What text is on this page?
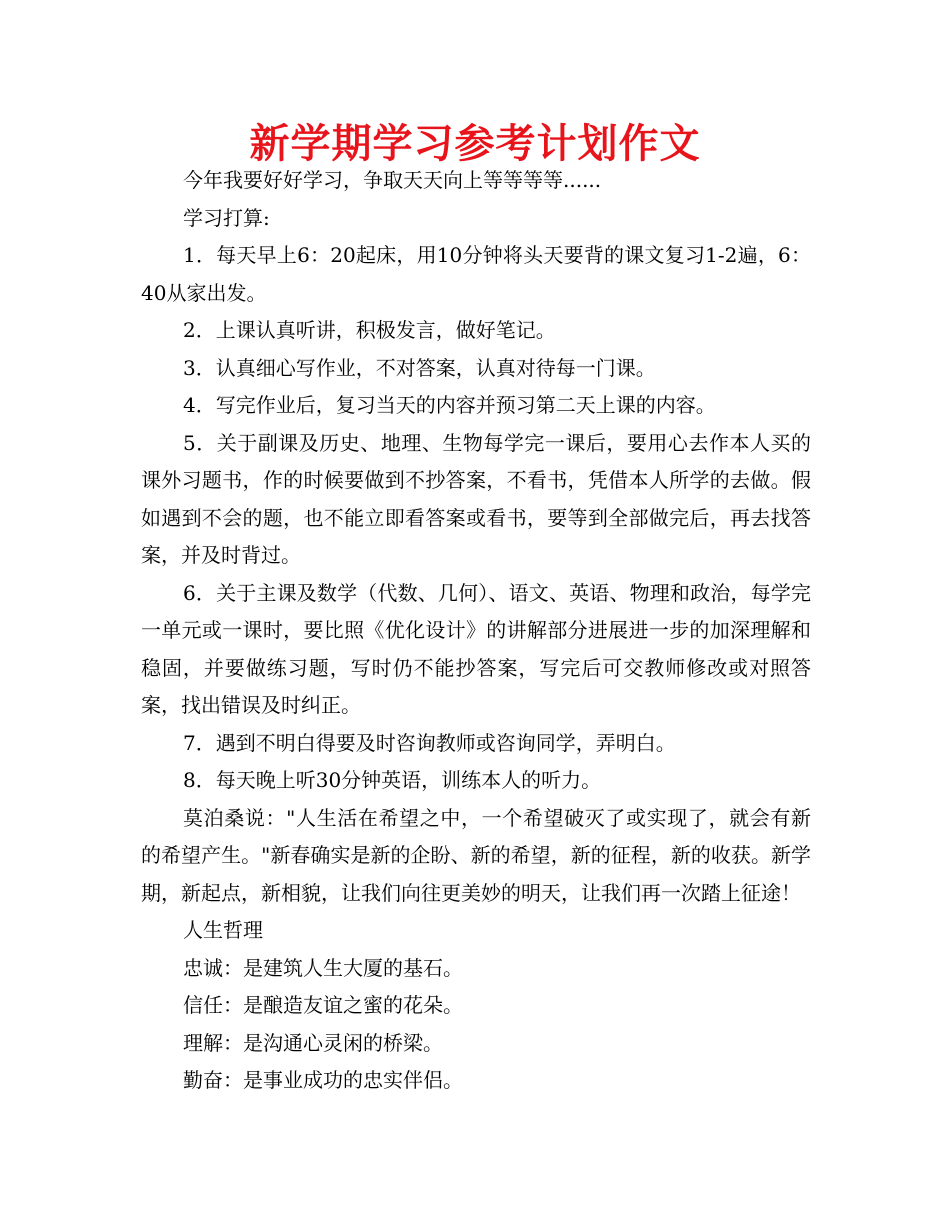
新学期学习参考计划作文

今年我要好好学习，争取天天向上等等等等......

学习打算:

1．每天早上6：20起床，用10分钟将头天要背的课文复习1-2遍，6：40从家出发。

2．上课认真听讲，积极发言，做好笔记。

3．认真细心写作业，不对答案，认真对待每一门课。

4．写完作业后，复习当天的内容并预习第二天上课的内容。

5．关于副课及历史、地理、生物每学完一课后，要用心去作本人买的课外习题书，作的时候要做到不抄答案，不看书，凭借本人所学的去做。假如遇到不会的题，也不能立即看答案或看书，要等到全部做完后，再去找答案，并及时背过。

6．关于主课及数学（代数、几何）、语文、英语、物理和政治，每学完一单元或一课时，要比照《优化设计》的讲解部分进展进一步的加深理解和稳固，并要做练习题，写时仍不能抄答案，写完后可交教师修改或对照答案，找出错误及时纠正。

7．遇到不明白得要及时咨询教师或咨询同学，弄明白。

8．每天晚上听30分钟英语，训练本人的听力。

莫泊桑说："人生活在希望之中，一个希望破灭了或实现了，就会有新的希望产生。"新春确实是新的企盼、新的希望，新的征程，新的收获。新学期，新起点，新相貌，让我们向往更美妙的明天，让我们再一次踏上征途！

人生哲理

忠诚：是建筑人生大厦的基石。

信任：是酿造友谊之蜜的花朵。

理解：是沟通心灵闲的桥梁。

勤奋：是事业成功的忠实伴侣。
